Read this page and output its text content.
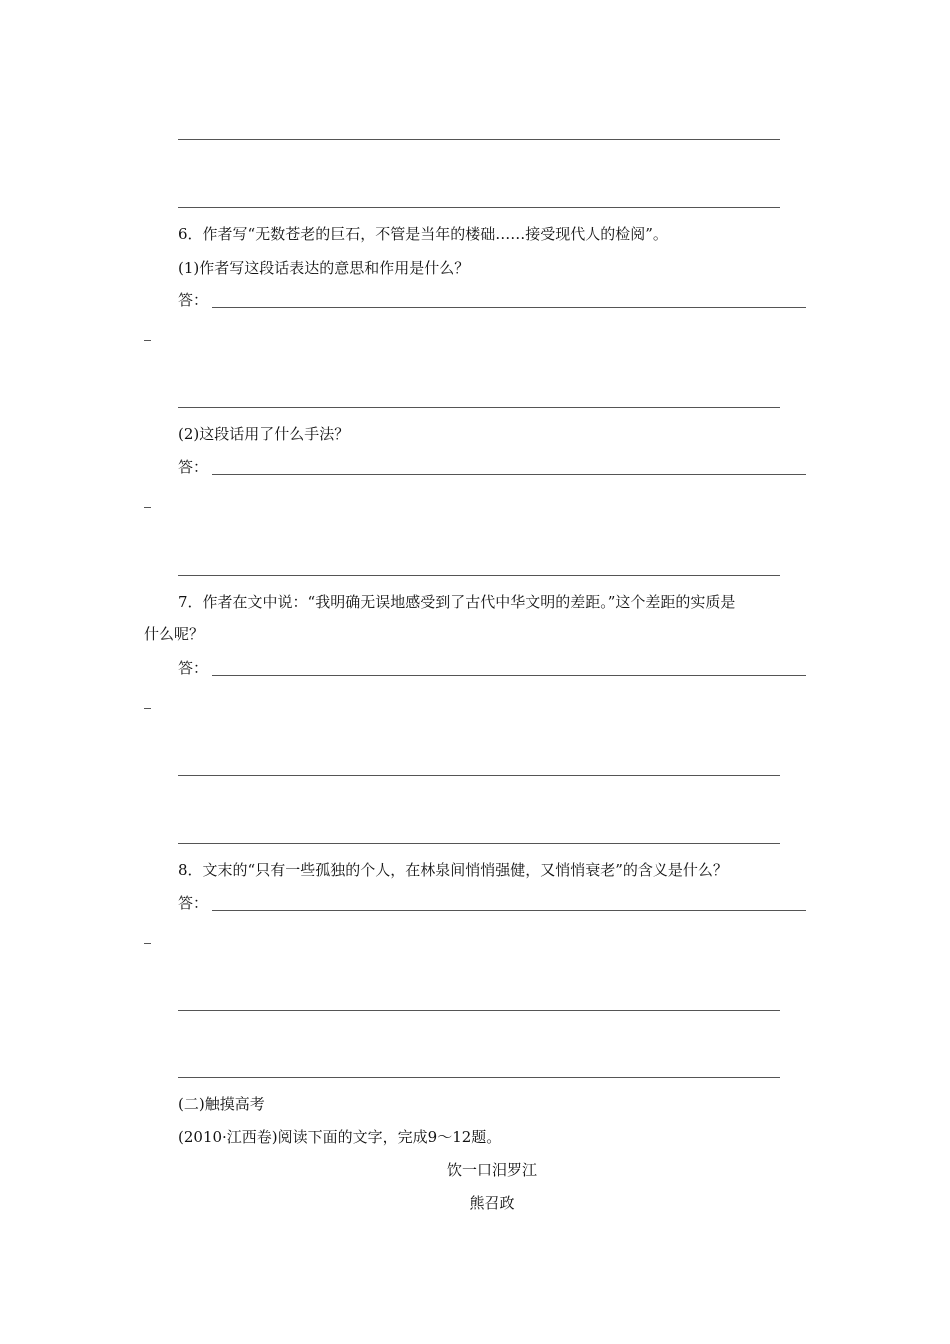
6．作者写“无数苍老的巨石，不管是当年的楼础……接受现代人的检阅”。
(1)作者写这段话表达的意思和作用是什么？
答：
(2)这段话用了什么手法？
答：
7．作者在文中说：“我明确无误地感受到了古代中华文明的差距。”这个差距的实质是
什么呢？
答：
8．文末的“只有一些孤独的个人，在林泉间悄悄强健，又悄悄衰老”的含义是什么？
答：
(二)触摸高考
(2010·江西卷)阅读下面的文字，完成9～12题。
饮一口汨罗江
熊召政
